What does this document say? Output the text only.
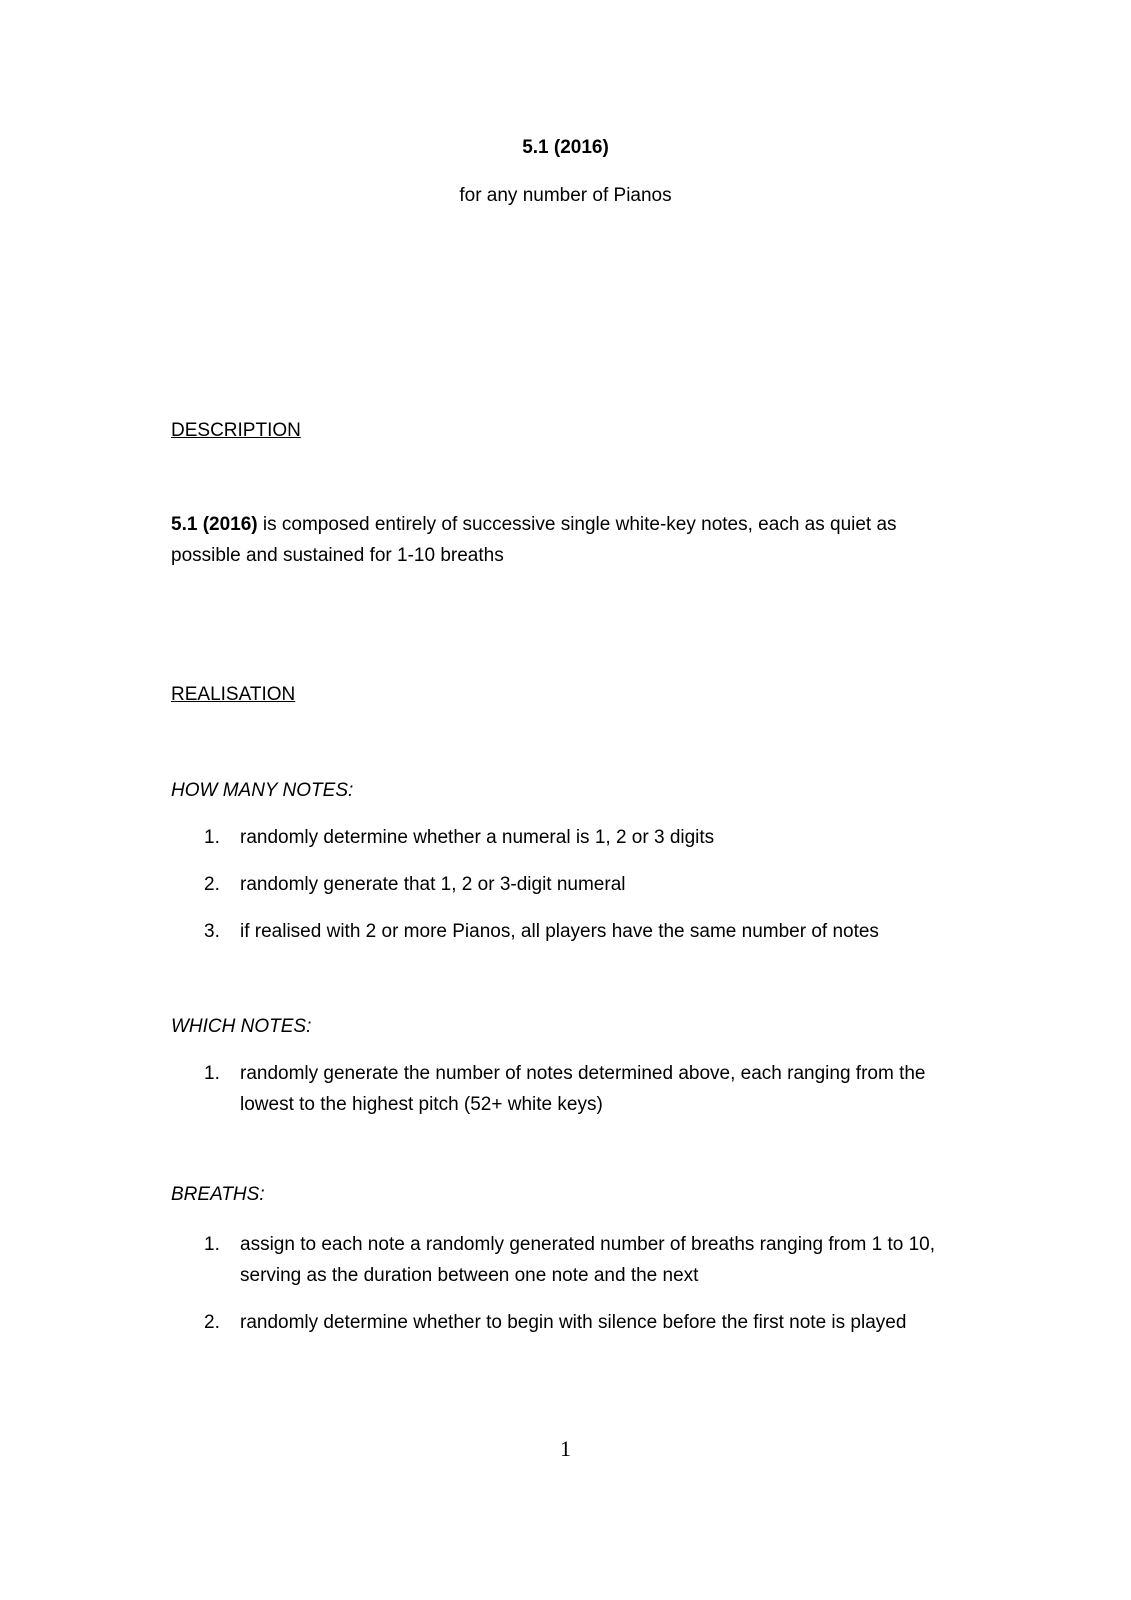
5.1 (2016)
for any number of Pianos
DESCRIPTION
5.1 (2016) is composed entirely of successive single white-key notes, each as quiet as possible and sustained for 1-10 breaths
REALISATION
HOW MANY NOTES:
1. randomly determine whether a numeral is 1, 2 or 3 digits
2. randomly generate that 1, 2 or 3-digit numeral
3. if realised with 2 or more Pianos, all players have the same number of notes
WHICH NOTES:
1. randomly generate the number of notes determined above, each ranging from the lowest to the highest pitch (52+ white keys)
BREATHS:
1. assign to each note a randomly generated number of breaths ranging from 1 to 10, serving as the duration between one note and the next
2. randomly determine whether to begin with silence before the first note is played
1
